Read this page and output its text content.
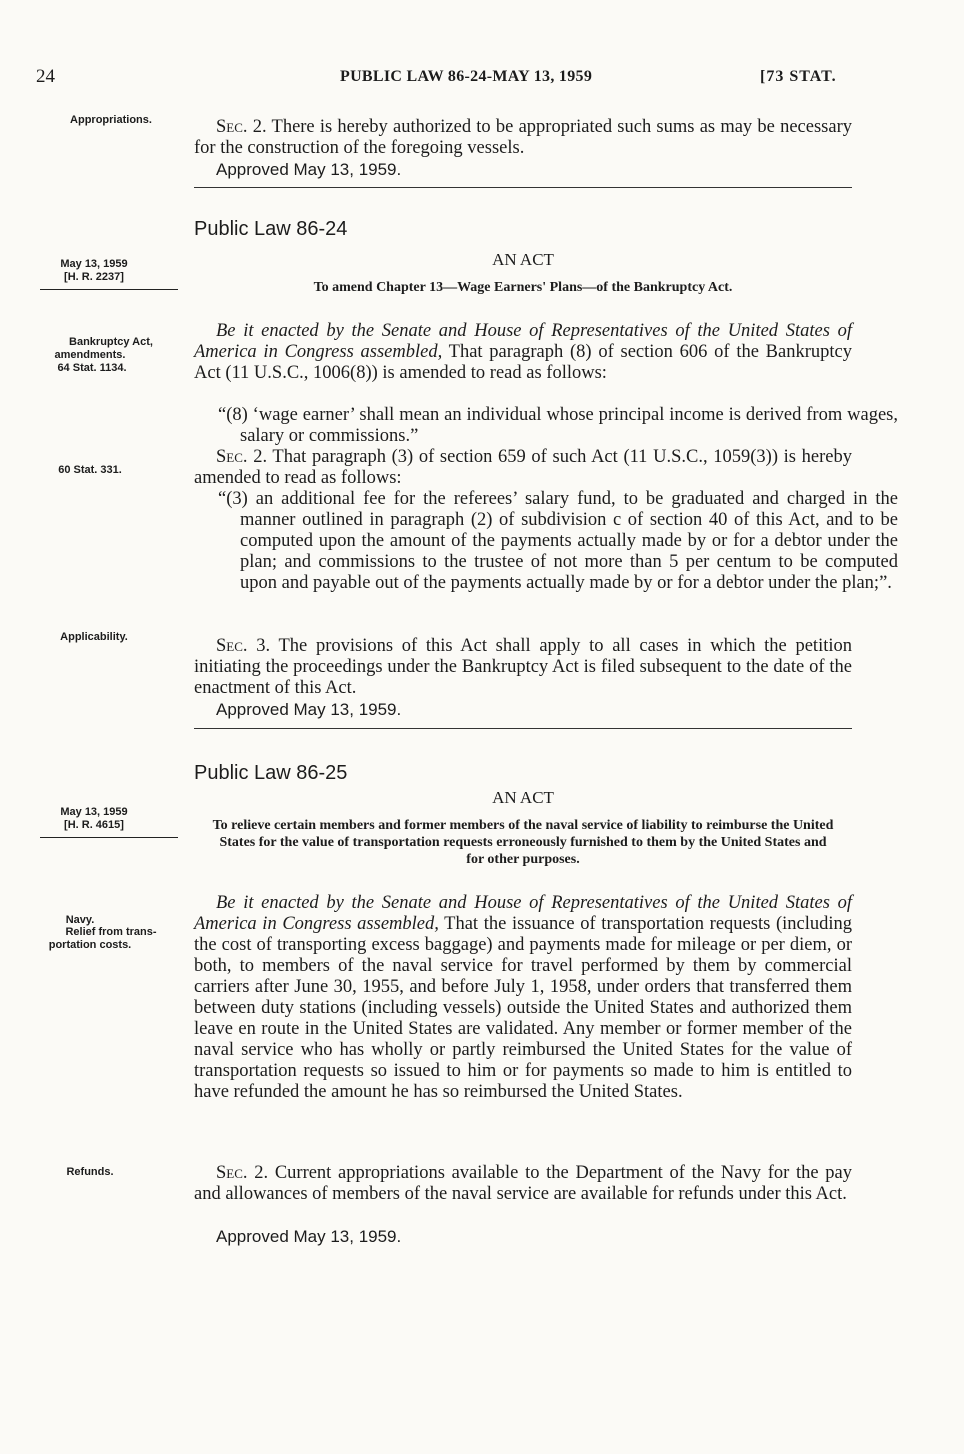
24	PUBLIC LAW 86-24-MAY 13, 1959	[73 STAT.
Appropriations.
May 13, 1959
[H. R. 2237]
Bankruptcy Act,
amendments.
64 Stat. 1134.
60 Stat. 331.
Applicability.
May 13, 1959
[H. R. 4615]
Navy.
Relief from trans-
portation costs.
Refunds.
Sec. 2. There is hereby authorized to be appropriated such sums as may be necessary for the construction of the foregoing vessels.
Approved May 13, 1959.
Public Law 86-24
AN ACT
To amend Chapter 13—Wage Earners' Plans—of the Bankruptcy Act.
Be it enacted by the Senate and House of Representatives of the United States of America in Congress assembled, That paragraph (8) of section 606 of the Bankruptcy Act (11 U.S.C., 1006(8)) is amended to read as follows:
“(8) ‘wage earner’ shall mean an individual whose principal income is derived from wages, salary or commissions.”
Sec. 2. That paragraph (3) of section 659 of such Act (11 U.S.C., 1059(3)) is hereby amended to read as follows:
“(3) an additional fee for the referees’ salary fund, to be graduated and charged in the manner outlined in paragraph (2) of subdivision c of section 40 of this Act, and to be computed upon the amount of the payments actually made by or for a debtor under the plan; and commissions to the trustee of not more than 5 per centum to be computed upon and payable out of the payments actually made by or for a debtor under the plan;”.
Sec. 3. The provisions of this Act shall apply to all cases in which the petition initiating the proceedings under the Bankruptcy Act is filed subsequent to the date of the enactment of this Act.
Approved May 13, 1959.
Public Law 86-25
AN ACT
To relieve certain members and former members of the naval service of liability to reimburse the United States for the value of transportation requests erroneously furnished to them by the United States and for other purposes.
Be it enacted by the Senate and House of Representatives of the United States of America in Congress assembled, That the issuance of transportation requests (including the cost of transporting excess baggage) and payments made for mileage or per diem, or both, to members of the naval service for travel performed by them by commercial carriers after June 30, 1955, and before July 1, 1958, under orders that transferred them between duty stations (including vessels) outside the United States and authorized them leave en route in the United States are validated. Any member or former member of the naval service who has wholly or partly reimbursed the United States for the value of transportation requests so issued to him or for payments so made to him is entitled to have refunded the amount he has so reimbursed the United States.
Sec. 2. Current appropriations available to the Department of the Navy for the pay and allowances of members of the naval service are available for refunds under this Act.
Approved May 13, 1959.
